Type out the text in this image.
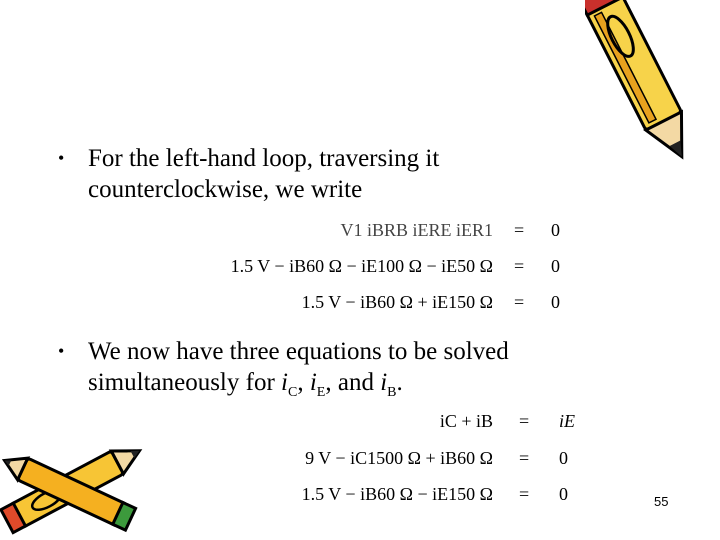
• For the left-hand loop, traversing it counterclockwise, we write
V1 iBRB iERE iER1 = 0
1.5 V − iB60 Ω − iE100 Ω − iE50 Ω = 0
1.5 V − iB60 Ω + iE150 Ω = 0
• We now have three equations to be solved simultaneously for $i_C$, $i_E$, and $i_B$.
iC + iB = iE
9 V − iC1500 Ω + iB60 Ω = 0
1.5 V − iB60 Ω − iE150 Ω = 0	55
